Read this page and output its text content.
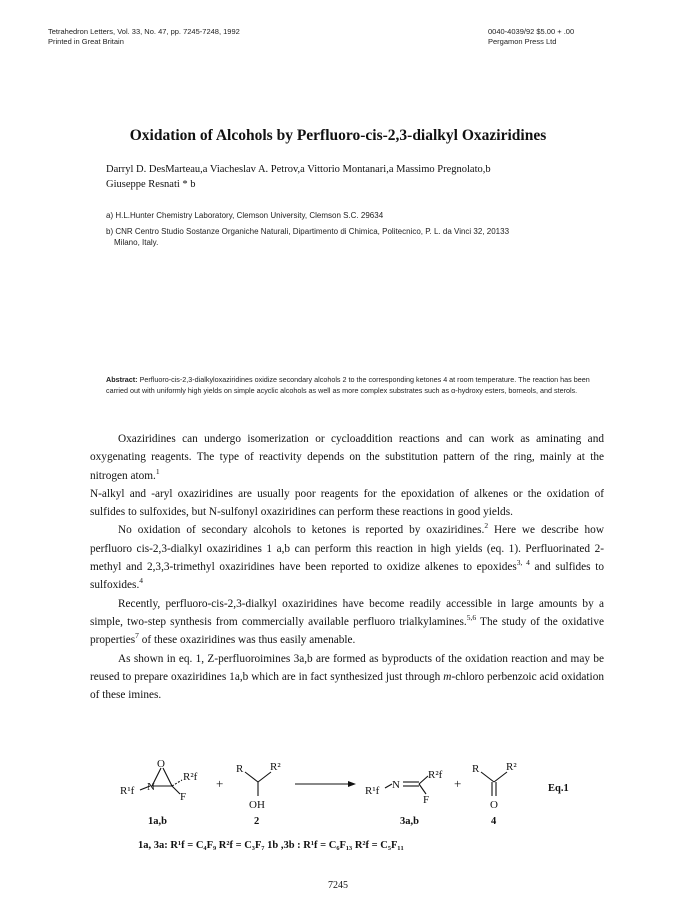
Tetrahedron Letters, Vol. 33, No. 47, pp. 7245-7248, 1992
Printed in Great Britain
0040-4039/92 $5.00 + .00
Pergamon Press Ltd
Oxidation of Alcohols by Perfluoro-cis-2,3-dialkyl Oxaziridines
Darryl D. DesMarteau,a Viacheslav A. Petrov,a Vittorio Montanari,a Massimo Pregnolato,b
Giuseppe Resnati * b
a) H.L.Hunter Chemistry Laboratory, Clemson University, Clemson S.C. 29634
b) CNR Centro Studio Sostanze Organiche Naturali, Dipartimento di Chimica, Politecnico, P. L. da Vinci 32, 20133
Milano, Italy.
Abstract: Perfluoro-cis-2,3-dialkyloxaziridines oxidize secondary alcohols 2 to the corresponding ketones 4 at room temperature. The reaction has been carried out with uniformly high yields on simple acyclic alcohols as well as more complex substrates such as α-hydroxy esters, borneols, and sterols.

Oxaziridines can undergo isomerization or cycloaddition reactions and can work as aminating and oxygenating reagents. The type of reactivity depends on the substitution pattern of the ring, mainly at the nitrogen atom.$^1$

N-alkyl and -aryl oxaziridines are usually poor reagents for the epoxidation of alkenes or the oxidation of sulfides to sulfoxides, but N-sulfonyl oxaziridines can perform these reactions in good yields.

No oxidation of secondary alcohols to ketones is reported by oxaziridines.$^2$ Here we describe how perfluoro cis-2,3-dialkyl oxaziridines 1 a,b can perform this reaction in high yields (eq. 1). Perfluorinated 2-methyl and 2,3,3-trimethyl oxaziridines have been reported to oxidize alkenes to epoxides$^{3, 4}$ and sulfides to sulfoxides.$^4$

Recently, perfluoro-cis-2,3-dialkyl oxaziridines have become readily accessible in large amounts by a simple, two-step synthesis from commercially available perfluoro trialkylamines.$^{5,6}$ The study of the oxidative properties$^7$ of these oxaziridines was thus easily amenable.

As shown in eq. 1, Z-perfluoroimines 3a,b are formed as byproducts of the oxidation reaction and may be reused to prepare oxaziridines 1a,b which are in fact synthesized just through m-chloro perbenzoic acid oxidation of these imines.

O
N
R¹f
R²f
F
+
R R²
OH
R¹f N
R²f
F
+
R R²
O
Eq.1
1a,b	2	3a,b	4
1a, 3a: R¹f = C₄F₉ R²f = C₃F₇ 1b ,3b : R¹f = C₆F₁₃ R²f = C₅F₁₁
7245
